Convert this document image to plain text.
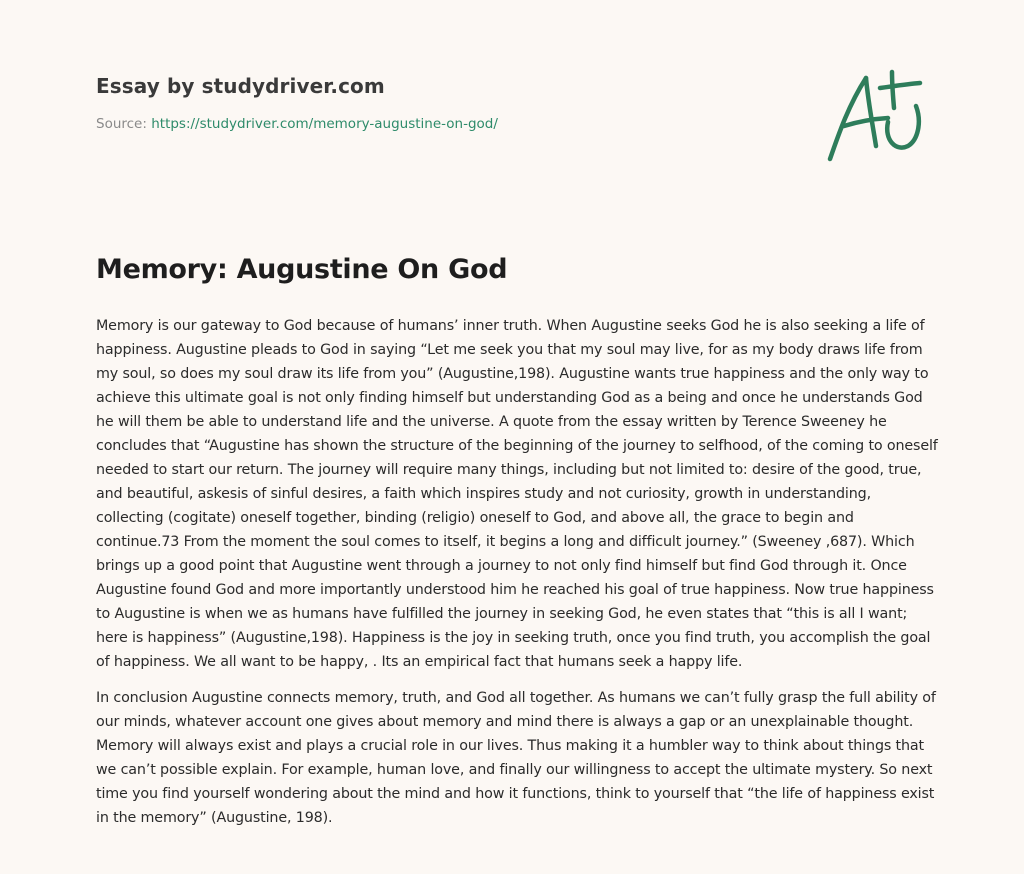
Essay by studydriver.com
Source: https://studydriver.com/memory-augustine-on-god/
Memory: Augustine On God

Memory is our gateway to God because of humans’ inner truth. When Augustine seeks God he is also seeking a life of happiness. Augustine pleads to God in saying “Let me seek you that my soul may live, for as my body draws life from my soul, so does my soul draw its life from you” (Augustine,198). Augustine wants true happiness and the only way to achieve this ultimate goal is not only finding himself but understanding God as a being and once he understands God he will them be able to understand life and the universe. A quote from the essay written by Terence Sweeney he concludes that “Augustine has shown the structure of the beginning of the journey to selfhood, of the coming to oneself needed to start our return. The journey will require many things, including but not limited to: desire of the good, true, and beautiful, askesis of sinful desires, a faith which inspires study and not curiosity, growth in understanding, collecting (cogitate) oneself together, binding (religio) oneself to God, and above all, the grace to begin and continue.73 From the moment the soul comes to itself, it begins a long and difficult journey.” (Sweeney ,687). Which brings up a good point that Augustine went through a journey to not only find himself but find God through it. Once Augustine found God and more importantly understood him he reached his goal of true happiness. Now true happiness to Augustine is when we as humans have fulfilled the journey in seeking God, he even states that “this is all I want; here is happiness” (Augustine,198). Happiness is the joy in seeking truth, once you find truth, you accomplish the goal of happiness. We all want to be happy, . Its an empirical fact that humans seek a happy life.

In conclusion Augustine connects memory, truth, and God all together. As humans we can’t fully grasp the full ability of our minds, whatever account one gives about memory and mind there is always a gap or an unexplainable thought. Memory will always exist and plays a crucial role in our lives. Thus making it a humbler way to think about things that we can’t possible explain. For example, human love, and finally our willingness to accept the ultimate mystery. So next time you find yourself wondering about the mind and how it functions, think to yourself that “the life of happiness exist in the memory” (Augustine, 198).
